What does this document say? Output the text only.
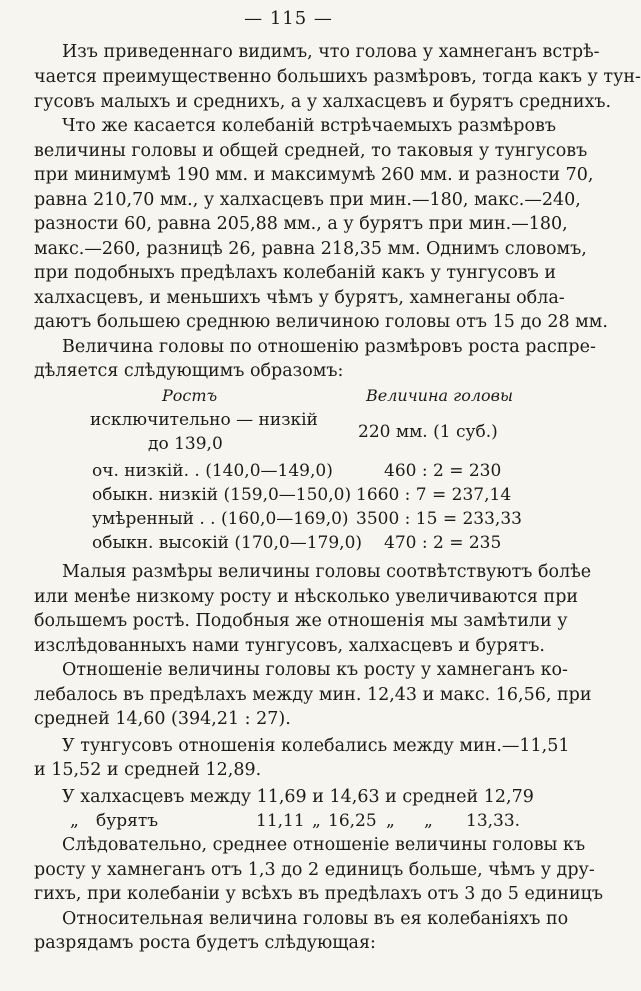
— 115 —
Изъ приведеннаго видимъ, что голова у хамнеганъ встрѣ-
чается преимущественно большихъ размѣровъ, тогда какъ у тун-
гусовъ малыхъ и среднихъ, а у халхасцевъ и бурятъ среднихъ.
Что же касается колебаній встрѣчаемыхъ размѣровъ
величины головы и общей средней, то таковыя у тунгусовъ
при минимумѣ 190 мм. и максимумѣ 260 мм. и разности 70,
равна 210,70 мм., у халхасцевъ при мин.—180, макс.—240,
разности 60, равна 205,88 мм., а у бурятъ при мин.—180,
макс.—260, разницѣ 26, равна 218,35 мм. Однимъ словомъ,
при подобныхъ предѣлахъ колебаній какъ у тунгусовъ и
халхасцевъ, и меньшихъ чѣмъ у бурятъ, хамнеганы обла-
даютъ большею среднюю величиною головы отъ 15 до 28 мм.
Величина головы по отношенію размѣровъ роста распре-
дѣляется слѣдующимъ образомъ:
Ростъ	Величина головы
исключительно — низкій
до 139,0
220 мм. (1 суб.)
оч. низкій. . (140,0—149,0)	460 : 2 = 230
обыкн. низкій (159,0—150,0) 1660 : 7 = 237,14
умѣренный . . (160,0—169,0) 3500 : 15 = 233,33
обыкн. высокій (170,0—179,0) 470 : 2 = 235
Малыя размѣры величины головы соотвѣтствуютъ болѣе
или менѣе низкому росту и нѣсколько увеличиваются при
большемъ ростѣ. Подобныя же отношенія мы замѣтили у
изслѣдованныхъ нами тунгусовъ, халхасцевъ и бурятъ.
Отношеніе величины головы къ росту у хамнеганъ ко-
лебалось въ предѣлахъ между мин. 12,43 и макс. 16,56, при
средней 14,60 (394,21 : 27).
У тунгусовъ отношенія колебались между мин.—11,51
и 15,52 и средней 12,89.
У халхасцевъ между 11,69 и 14,63 и средней 12,79
„ бурятъ	11,11 „ 16,25 „ „ 13,33.
Слѣдовательно, среднее отношеніе величины головы къ
росту у хамнеганъ отъ 1,3 до 2 единицъ больше, чѣмъ у дру-
гихъ, при колебаніи у всѣхъ въ предѣлахъ отъ 3 до 5 единицъ
Относительная величина головы въ ея колебаніяхъ по
разрядамъ роста будетъ слѣдующая:
